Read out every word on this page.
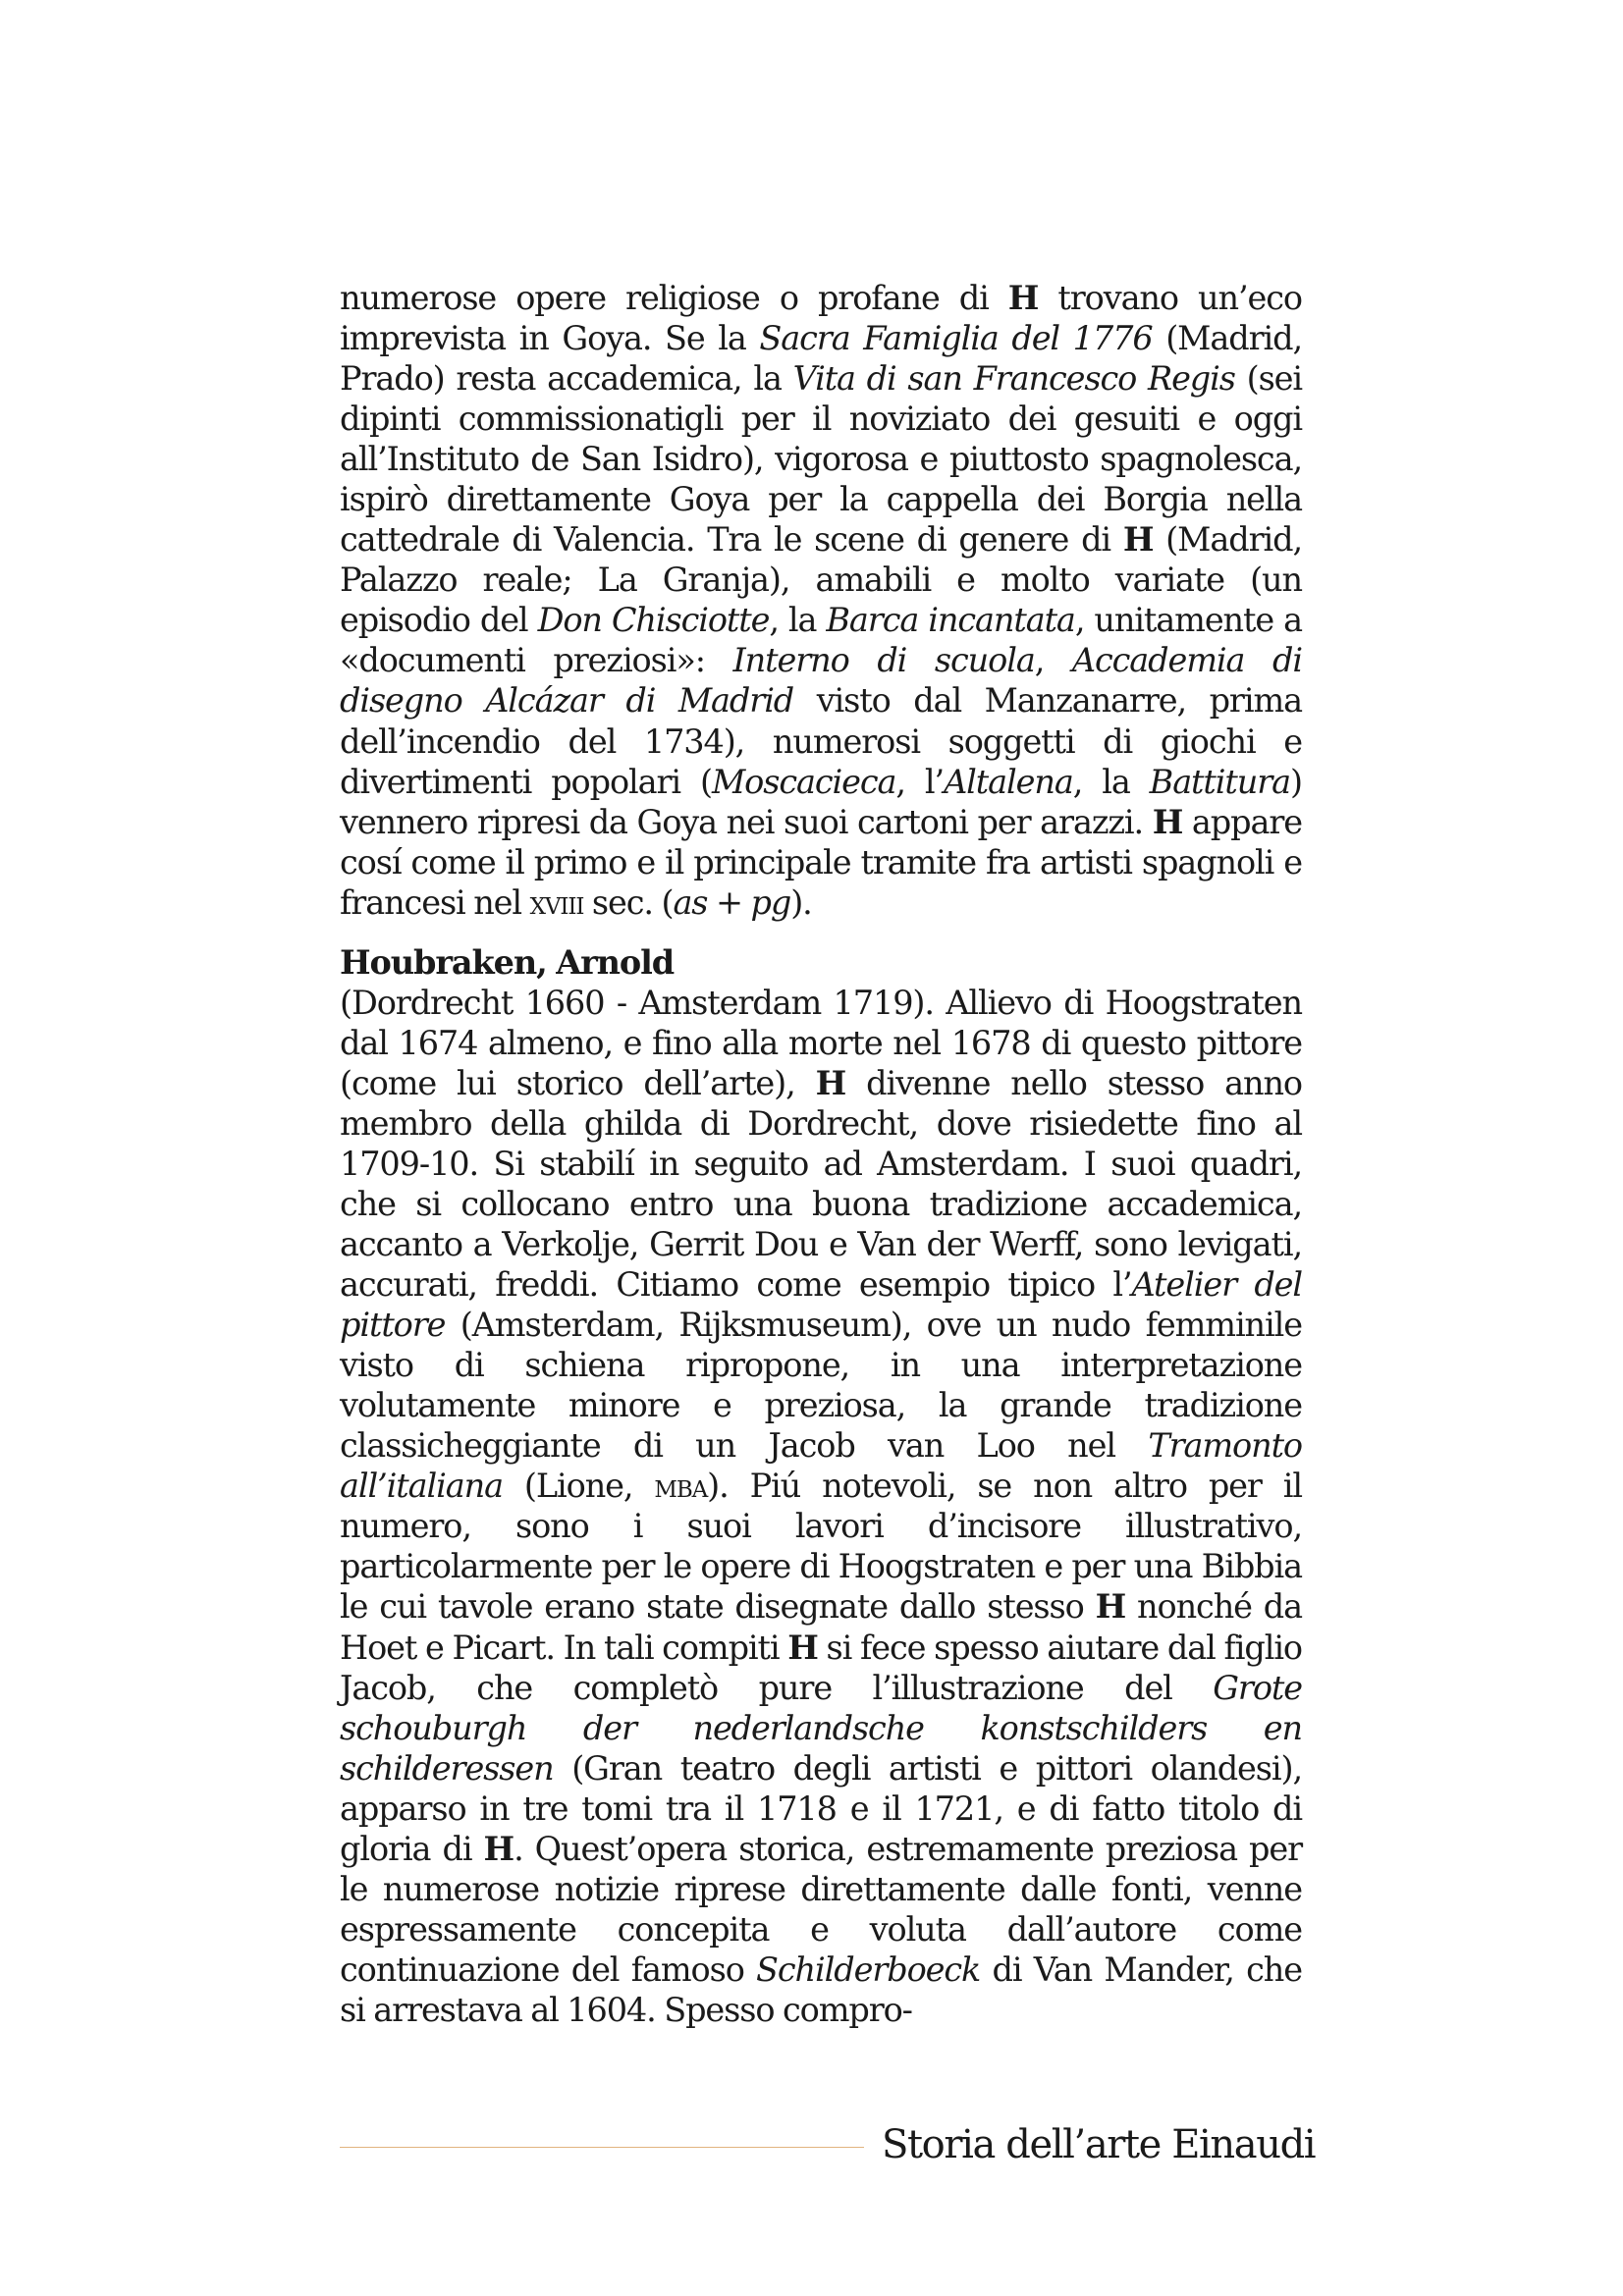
numerose opere religiose o profane di H trovano un’eco imprevista in Goya. Se la Sacra Famiglia del 1776 (Madrid, Prado) resta accademica, la Vita di san Francesco Regis (sei dipinti commissionatigli per il noviziato dei gesuiti e oggi all’Instituto de San Isidro), vigorosa e piuttosto spagnolesca, ispirò direttamente Goya per la cappella dei Borgia nella cattedrale di Valencia. Tra le scene di genere di H (Madrid, Palazzo reale; La Granja), amabili e molto variate (un episodio del Don Chisciotte, la Barca incantata, unitamente a «documenti preziosi»: Interno di scuola, Accademia di disegno Alcázar di Madrid visto dal Manzanarre, prima dell’incendio del 1734), numerosi soggetti di giochi e divertimenti popolari (Moscacieca, l’Altalena, la Battitura) vennero ripresi da Goya nei suoi cartoni per arazzi. H appare cosí come il primo e il principale tramite fra artisti spagnoli e francesi nel xviii sec. (as + pg).

Houbraken, Arnold

(Dordrecht 1660 - Amsterdam 1719). Allievo di Hoogstraten dal 1674 almeno, e fino alla morte nel 1678 di questo pittore (come lui storico dell’arte), H divenne nello stesso anno membro della ghilda di Dordrecht, dove risiedette fino al 1709-10. Si stabilí in seguito ad Amsterdam. I suoi quadri, che si collocano entro una buona tradizione accademica, accanto a Verkolje, Gerrit Dou e Van der Werff, sono levigati, accurati, freddi. Citiamo come esempio tipico l’Atelier del pittore (Amsterdam, Rijksmuseum), ove un nudo femminile visto di schiena ripropone, in una interpretazione volutamente minore e preziosa, la grande tradizione classicheggiante di un Jacob van Loo nel Tramonto all’italiana (Lione, mba). Piú notevoli, se non altro per il numero, sono i suoi lavori d’incisore illustrativo, particolarmente per le opere di Hoogstraten e per una Bibbia le cui tavole erano state disegnate dallo stesso H nonché da Hoet e Picart. In tali compiti H si fece spesso aiutare dal figlio Jacob, che completò pure l’illustrazione del Grote schouburgh der nederlandsche konstschilders en schilderessen (Gran teatro degli artisti e pittori olandesi), apparso in tre tomi tra il 1718 e il 1721, e di fatto titolo di gloria di H. Quest’opera storica, estremamente preziosa per le numerose notizie riprese direttamente dalle fonti, venne espressamente concepita e voluta dall’autore come continuazione del famoso Schilderboeck di Van Mander, che si arrestava al 1604. Spesso compro-

Storia dell’arte Einaudi
